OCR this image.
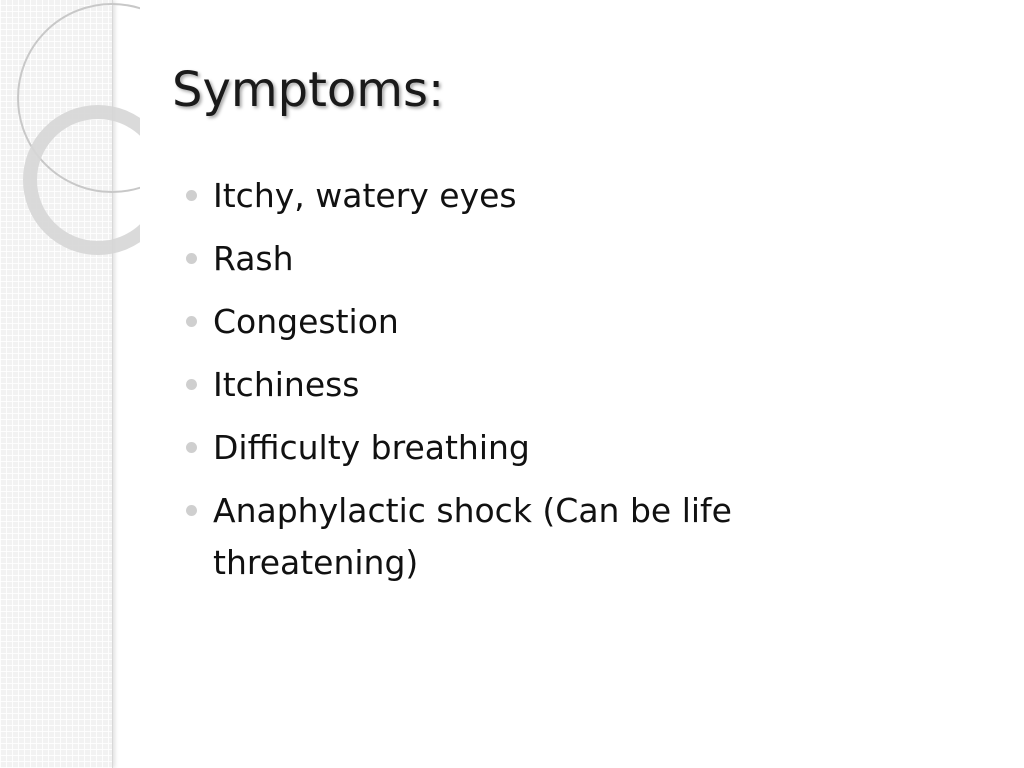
Symptoms:
Itchy, watery eyes
Rash
Congestion
Itchiness
Difficulty breathing
Anaphylactic shock (Can be life threatening)
